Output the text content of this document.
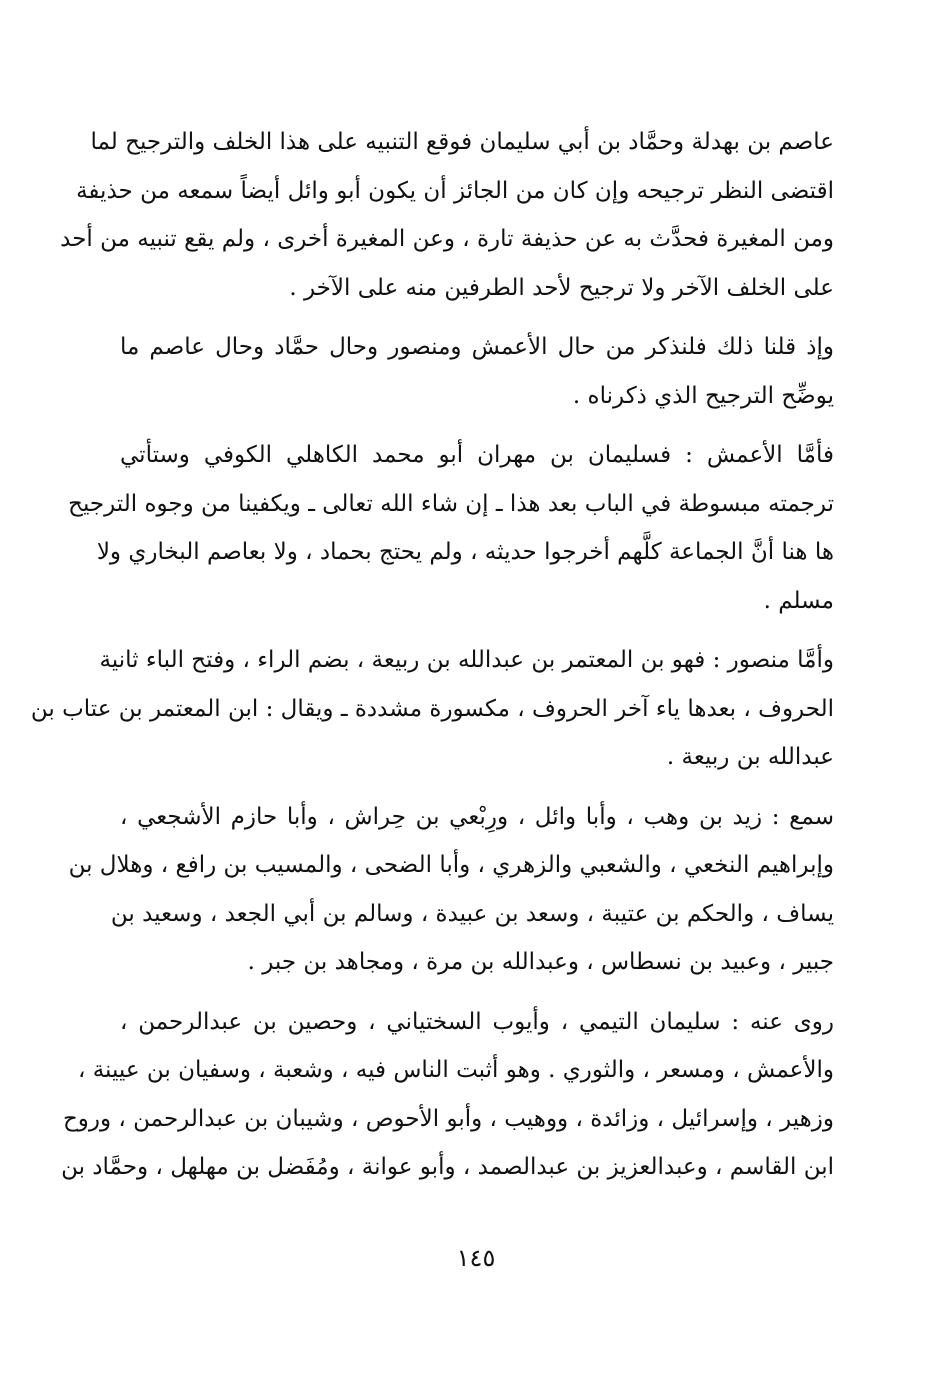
عاصم بن بهدلة وحمَّاد بن أبي سليمان فوقع التنبيه على هذا الخلف والترجيح لما
اقتضى النظر ترجيحه وإن كان من الجائز أن يكون أبو وائل أيضاً سمعه من حذيفة
ومن المغيرة فحدَّث به عن حذيفة تارة ، وعن المغيرة أخرى ، ولم يقع تنبيه من أحد
على الخلف الآخر ولا ترجيح لأحد الطرفين منه على الآخر .
وإذ قلنا ذلك فلنذكر من حال الأعمش ومنصور وحال حمَّاد وحال عاصم ما
يوضِّح الترجيح الذي ذكرناه .
فأمَّا الأعمش : فسليمان بن مهران أبو محمد الكاهلي الكوفي وستأتي
ترجمته مبسوطة في الباب بعد هذا ـ إن شاء الله تعالى ـ ويكفينا من وجوه الترجيح
ها هنا أنَّ الجماعة كلَّهم أخرجوا حديثه ، ولم يحتج بحماد ، ولا بعاصم البخاري ولا
مسلم .
وأمَّا منصور : فهو بن المعتمر بن عبدالله بن ربيعة ، بضم الراء ، وفتح الباء ثانية
الحروف ، بعدها ياء آخر الحروف ، مكسورة مشددة ـ ويقال : ابن المعتمر بن عتاب بن
عبدالله بن ربيعة .
سمع : زيد بن وهب ، وأبا وائل ، ورِبْعي بن حِراش ، وأبا حازم الأشجعي ،
وإبراهيم النخعي ، والشعبي والزهري ، وأبا الضحى ، والمسيب بن رافع ، وهلال بن
يساف ، والحكم بن عتيبة ، وسعد بن عبيدة ، وسالم بن أبي الجعد ، وسعيد بن
جبير ، وعبيد بن نسطاس ، وعبدالله بن مرة ، ومجاهد بن جبر .
روى عنه : سليمان التيمي ، وأيوب السختياني ، وحصين بن عبدالرحمن ،
والأعمش ، ومسعر ، والثوري . وهو أثبت الناس فيه ، وشعبة ، وسفيان بن عيينة ،
وزهير ، وإسرائيل ، وزائدة ، ووهيب ، وأبو الأحوص ، وشيبان بن عبدالرحمن ، وروح
ابن القاسم ، وعبدالعزيز بن عبدالصمد ، وأبو عوانة ، ومُفَضل بن مهلهل ، وحمَّاد بن
١٤٥
